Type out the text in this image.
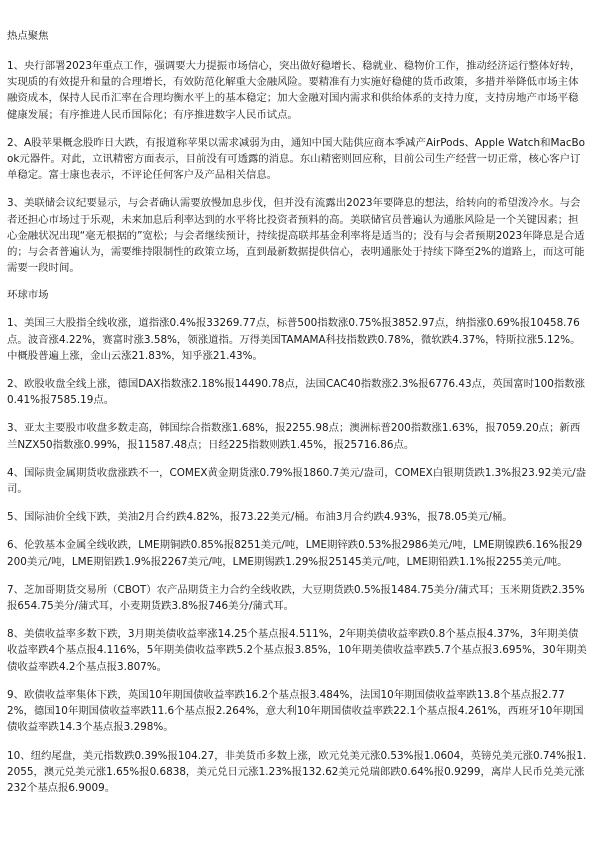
热点聚焦

1、央行部署2023年重点工作，强调要大力提振市场信心，突出做好稳增长、稳就业、稳物价工作，推动经济运行整体好转，实现质的有效提升和量的合理增长，有效防范化解重大金融风险。要精准有力实施好稳健的货币政策，多措并举降低市场主体融资成本，保持人民币汇率在合理均衡水平上的基本稳定；加大金融对国内需求和供给体系的支持力度，支持房地产市场平稳健康发展；有序推进人民币国际化；有序推进数字人民币试点。

2、A股苹果概念股昨日大跌，有报道称苹果以需求减弱为由，通知中国大陆供应商本季减产AirPods、Apple Watch和MacBook元器件。对此，立讯精密方面表示，目前没有可透露的消息。东山精密则回应称，目前公司生产经营一切正常，核心客户订单稳定。富士康也表示，不评论任何客户及产品相关信息。

3、美联储会议纪要显示，与会者确认需要放慢加息步伐，但并没有流露出2023年要降息的想法，给转向的希望泼冷水。与会者还担心市场过于乐观，未来加息后利率达到的水平将比投资者预料的高。美联储官员普遍认为通胀风险是一个关键因素；担心金融状况出现“毫无根据的”宽松；与会者继续预计，持续提高联邦基金利率将是适当的；没有与会者预期2023年降息是合适的；与会者普遍认为，需要维持限制性的政策立场，直到最新数据提供信心，表明通胀处于持续下降至2%的道路上，而这可能需要一段时间。

环球市场

1、美国三大股指全线收涨，道指涨0.4%报33269.77点，标普500指数涨0.75%报3852.97点，纳指涨0.69%报10458.76点。波音涨4.22%，赛富时涨3.58%，领涨道指。万得美国TAMAMA科技指数跌0.78%，微软跌4.37%，特斯拉涨5.12%。中概股普遍上涨，金山云涨21.83%，知乎涨21.43%。

2、欧股收盘全线上涨，德国DAX指数涨2.18%报14490.78点，法国CAC40指数涨2.3%报6776.43点，英国富时100指数涨0.41%报7585.19点。

3、亚太主要股市收盘多数走高，韩国综合指数涨1.68%，报2255.98点；澳洲标普200指数涨1.63%，报7059.20点；新西兰NZX50指数涨0.99%，报11587.48点；日经225指数则跌1.45%，报25716.86点。

4、国际贵金属期货收盘涨跌不一，COMEX黄金期货涨0.79%报1860.7美元/盎司，COMEX白银期货跌1.3%报23.92美元/盎司。

5、国际油价全线下跌，美油2月合约跌4.82%，报73.22美元/桶。布油3月合约跌4.93%，报78.05美元/桶。

6、伦敦基本金属全线收跌，LME期铜跌0.85%报8251美元/吨，LME期锌跌0.53%报2986美元/吨，LME期镍跌6.16%报29200美元/吨，LME期铝跌1.9%报2267美元/吨，LME期锡跌1.29%报25145美元/吨，LME期铅跌1.1%报2255美元/吨。

7、芝加哥期货交易所（CBOT）农产品期货主力合约全线收跌，大豆期货跌0.5%报1484.75美分/蒲式耳；玉米期货跌2.35%报654.75美分/蒲式耳，小麦期货跌3.8%报746美分/蒲式耳。

8、美债收益率多数下跌，3月期美债收益率涨14.25个基点报4.511%，2年期美债收益率跌0.8个基点报4.37%，3年期美债收益率跌4个基点报4.116%，5年期美债收益率跌5.2个基点报3.85%，10年期美债收益率跌5.7个基点报3.695%，30年期美债收益率跌4.2个基点报3.807%。

9、欧债收益率集体下跌，英国10年期国债收益率跌16.2个基点报3.484%，法国10年期国债收益率跌13.8个基点报2.772%，德国10年期国债收益率跌11.6个基点报2.264%，意大利10年期国债收益率跌22.1个基点报4.261%，西班牙10年期国债收益率跌14.3个基点报3.298%。

10、纽约尾盘，美元指数跌0.39%报104.27，非美货币多数上涨，欧元兑美元涨0.53%报1.0604，英镑兑美元涨0.74%报1.2055，澳元兑美元涨1.65%报0.6838，美元兑日元涨1.23%报132.62美元兑瑞郎跌0.64%报0.9299，离岸人民币兑美元涨232个基点报6.9009。
